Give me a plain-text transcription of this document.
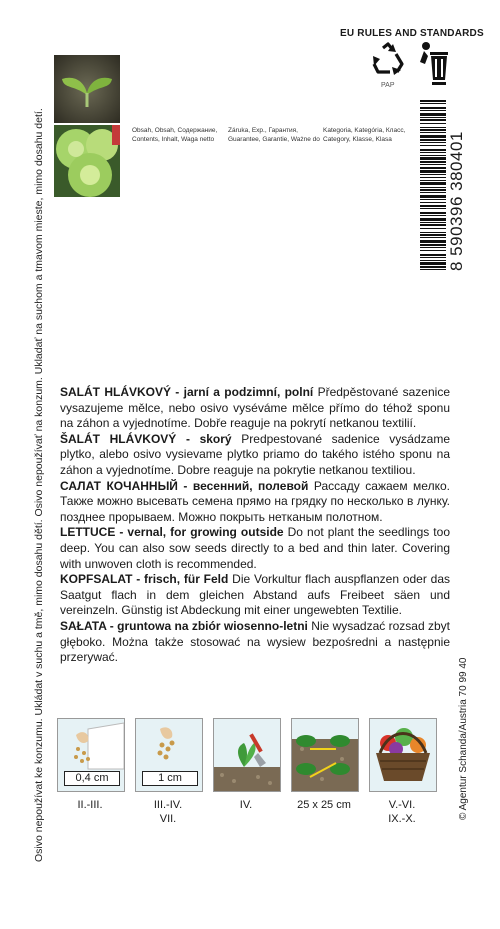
Osivo nepoužívat ke konzumu. Ukládat v suchu a tmě, mimo dosahu dětí. Osivo nepoužívať na konzum. Ukladať na suchom a tmavom mieste, mimo dosahu detí.
EU RULES AND STANDARDS
PAP
Obsah, Obsah, Содержание,
Contents, Inhalt, Waga netto
Záruka, Exp., Гарантия,
Guarantee, Garantie, Ważne do
Kategoria, Kategória, Класс,
Category, Klasse, Klasa	8 590396 380401

SALÁT HLÁVKOVÝ - jarní a podzimní, polní Předpěstované sazenice vysazujeme mělce, nebo osivo vyséváme mělce přímo do téhož sponu na záhon a vyjednotíme. Dobře reaguje na pokrytí netkanou textilií.

ŠALÁT HLÁVKOVÝ - skorý Predpestované sadenice vysádzame plytko, alebo osivo vysievame plytko priamo do takého istého sponu na záhon a vyjednotíme. Dobre reaguje na pokrytie netkanou textiliou.

САЛАТ КОЧАННЫЙ - весенний, полевой Рассаду сажаем мелко. Также можно высевать семена прямо на грядку по несколько в лунку. позднее прорываем. Можно покрыть нетканым полотном.

LETTUCE - vernal, for growing outside Do not plant the seedlings too deep. You can also sow seeds directly to a bed and thin later. Covering with unwoven cloth is recommended.

KOPFSALAT - frisch, für Feld Die Vorkultur flach auspflanzen oder das Saatgut flach in dem gleichen Abstand aufs Freibeet säen und vereinzeln. Günstig ist Abdeckung mit einer ungewebten Textilie.

SAŁATA - gruntowa na zbiór wiosenno-letni Nie wysadzać rozsad zbyt głęboko. Można także stosować na wysiew bezpośredni a następnie przerywać.

© Agentur Schanda/Austria 70 99 40
0,4 cm	1 cm
II.-III.	III.-IV.
VII.
IV.	25 x 25 cm	V.-VI.
IX.-X.
